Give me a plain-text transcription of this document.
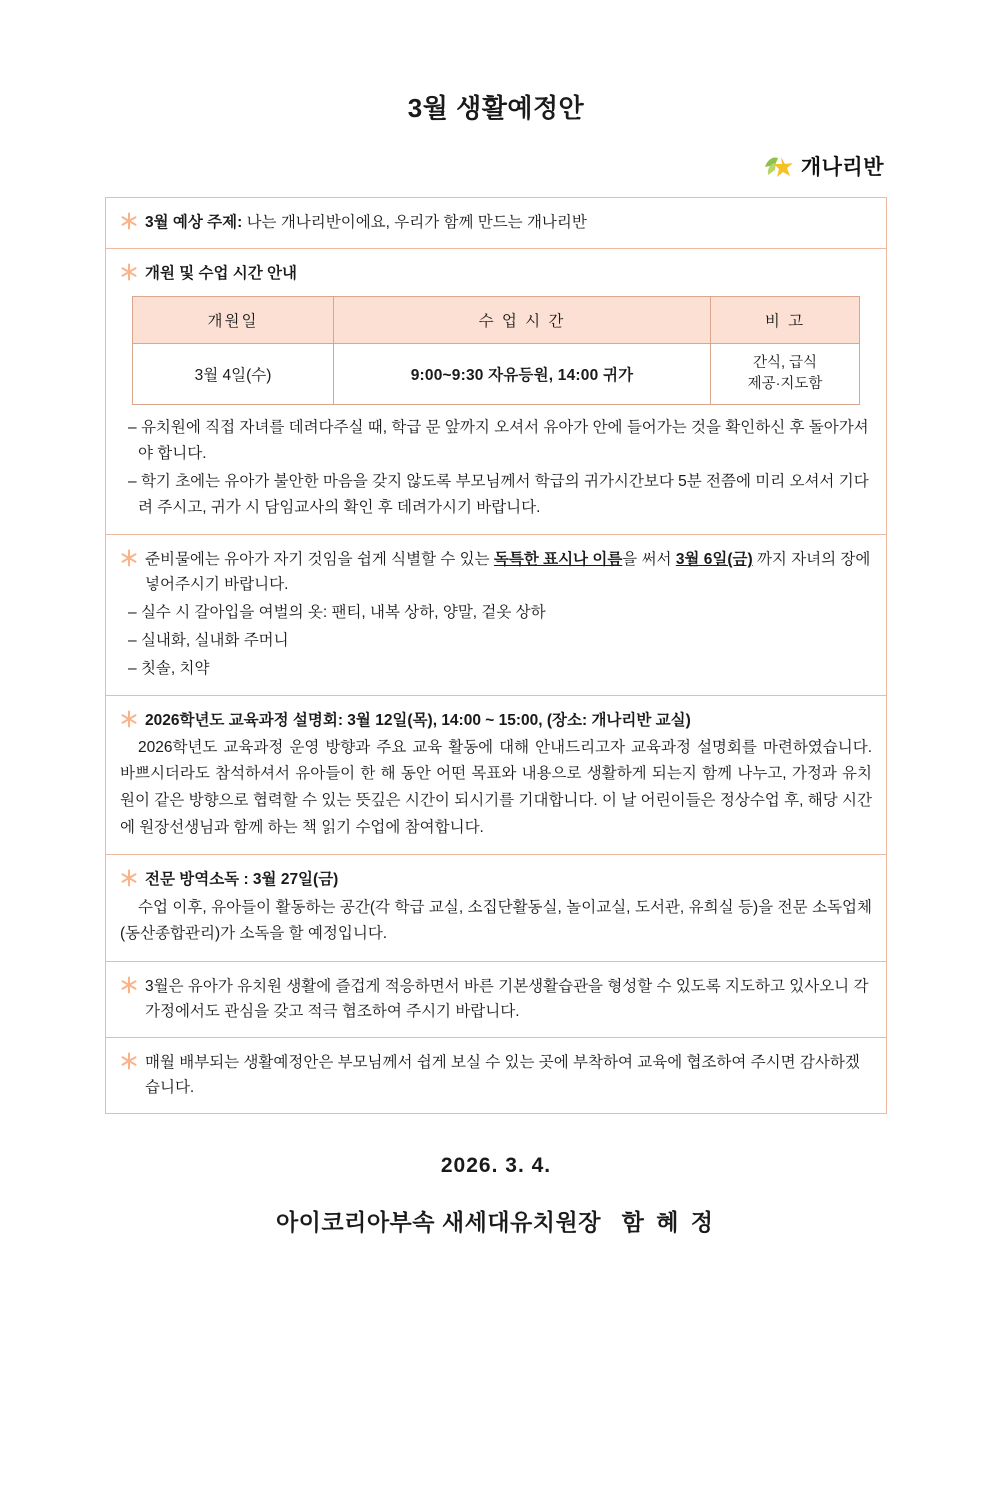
3월 생활예정안
개나리반
3월 예상 주제: 나는 개나리반이에요, 우리가 함께 만드는 개나리반
개원 및 수업 시간 안내
개원일	수 업 시 간	비 고
3월 4일(수)	9:00~9:30 자유등원, 14:00 귀가	간식, 급식
제공·지도함
– 유치원에 직접 자녀를 데려다주실 때, 학급 문 앞까지 오셔서 유아가 안에 들어가는 것을 확인하신 후 돌아가셔야 합니다.
– 학기 초에는 유아가 불안한 마음을 갖지 않도록 부모님께서 학급의 귀가시간보다 5분 전쯤에 미리 오셔서 기다려 주시고, 귀가 시 담임교사의 확인 후 데려가시기 바랍니다.
준비물에는 유아가 자기 것임을 쉽게 식별할 수 있는 독특한 표시나 이름을 써서 3월 6일(금) 까지 자녀의 장에 넣어주시기 바랍니다.
– 실수 시 갈아입을 여벌의 옷: 팬티, 내복 상하, 양말, 겉옷 상하
– 실내화, 실내화 주머니
– 칫솔, 치약
2026학년도 교육과정 설명회: 3월 12일(목), 14:00 ~ 15:00, (장소: 개나리반 교실)
2026학년도 교육과정 운영 방향과 주요 교육 활동에 대해 안내드리고자 교육과정 설명회를 마련하였습니다. 바쁘시더라도 참석하셔서 유아들이 한 해 동안 어떤 목표와 내용으로 생활하게 되는지 함께 나누고, 가정과 유치원이 같은 방향으로 협력할 수 있는 뜻깊은 시간이 되시기를 기대합니다. 이 날 어린이들은 정상수업 후, 해당 시간에 원장선생님과 함께 하는 책 읽기 수업에 참여합니다.
전문 방역소독 : 3월 27일(금)
수업 이후, 유아들이 활동하는 공간(각 학급 교실, 소집단활동실, 놀이교실, 도서관, 유희실 등)을 전문 소독업체(동산종합관리)가 소독을 할 예정입니다.
3월은 유아가 유치원 생활에 즐겁게 적응하면서 바른 기본생활습관을 형성할 수 있도록 지도하고 있사오니 각 가정에서도 관심을 갖고 적극 협조하여 주시기 바랍니다.
매월 배부되는 생활예정안은 부모님께서 쉽게 보실 수 있는 곳에 부착하여 교육에 협조하여 주시면 감사하겠습니다.
2026. 3. 4.
아이코리아부속 새세대유치원장 함 혜 정
